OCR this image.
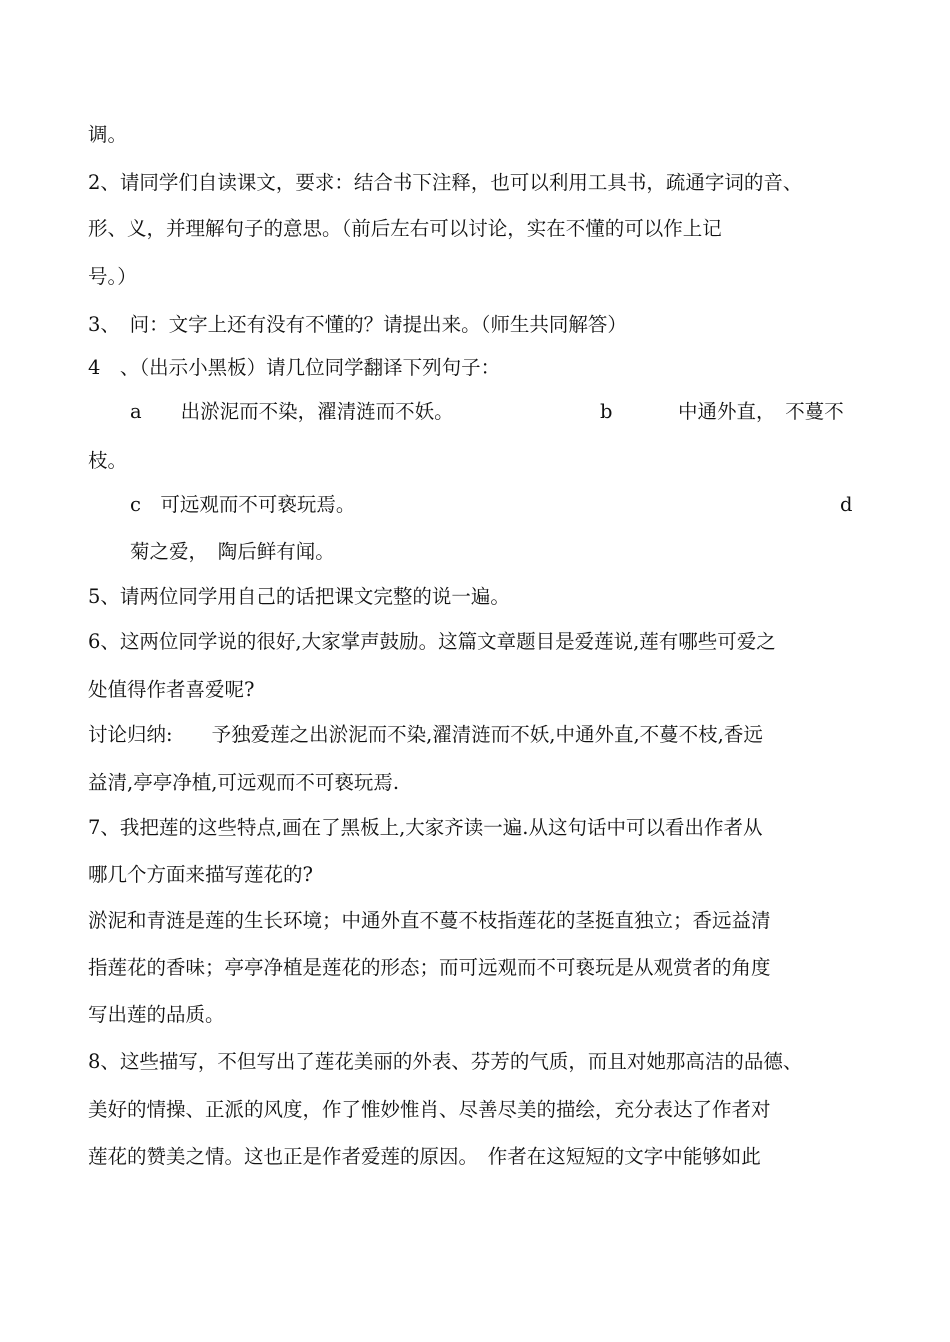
调。
2、请同学们自读课文，要求：结合书下注释，也可以利用工具书，疏通字词的音、
形、义，并理解句子的意思。（前后左右可以讨论，实在不懂的可以作上记
号。）
3、　问：文字上还有没有不懂的？请提出来。（师生共同解答）
4　、（出示小黑板）请几位同学翻译下列句子：
a　　出淤泥而不染，濯清涟而不妖。	b	中通外直，　不蔓不
枝。
c　可远观而不可亵玩焉。	d
菊之爱，　陶后鲜有闻。
5、请两位同学用自己的话把课文完整的说一遍。
6、这两位同学说的很好,大家掌声鼓励。这篇文章题目是爱莲说,莲有哪些可爱之
处值得作者喜爱呢?
讨论归纳:　　予独爱莲之出淤泥而不染,濯清涟而不妖,中通外直,不蔓不枝,香远
益清,亭亭净植,可远观而不可亵玩焉.
7、我把莲的这些特点,画在了黑板上,大家齐读一遍.从这句话中可以看出作者从
哪几个方面来描写莲花的?
淤泥和青涟是莲的生长环境；中通外直不蔓不枝指莲花的茎挺直独立；香远益清
指莲花的香味；亭亭净植是莲花的形态；而可远观而不可亵玩是从观赏者的角度
写出莲的品质。
8、这些描写，不但写出了莲花美丽的外表、芬芳的气质，而且对她那高洁的品德、
美好的情操、正派的风度，作了惟妙惟肖、尽善尽美的描绘，充分表达了作者对
莲花的赞美之情。这也正是作者爱莲的原因。　作者在这短短的文字中能够如此
